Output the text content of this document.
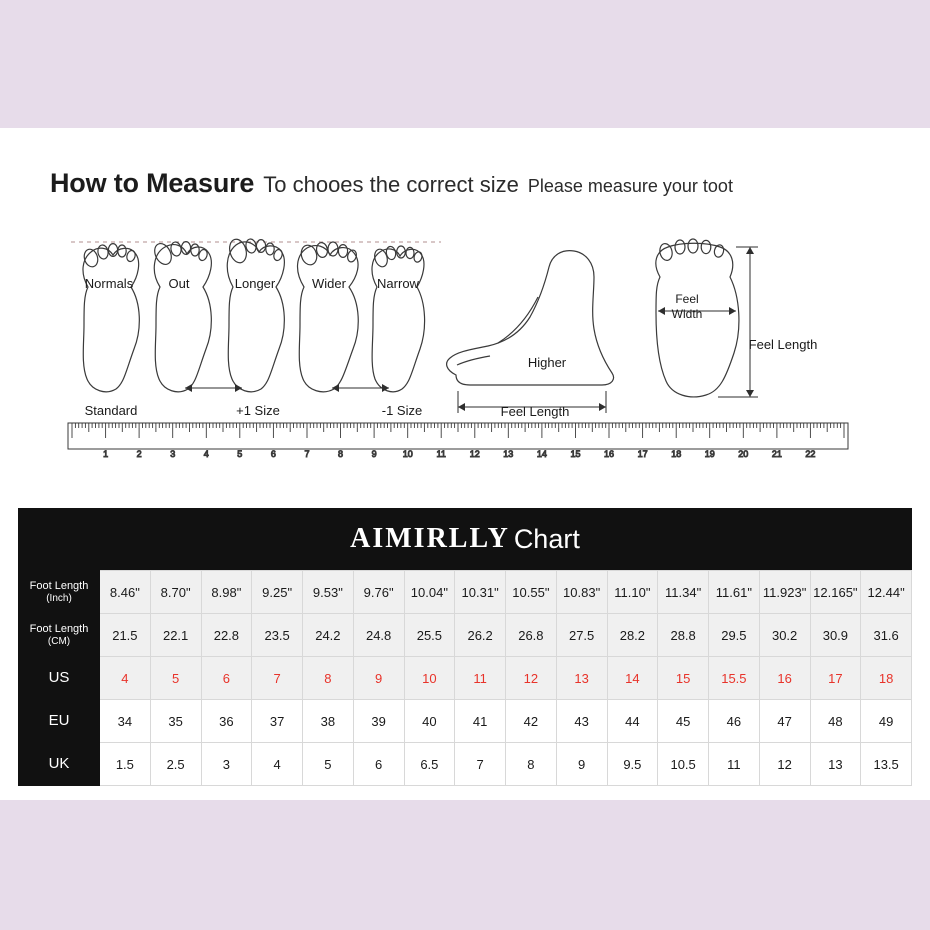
How to Measure To chooes the correct size Please measure your toot
1	2	3	4	5	6	7	8	9	10	11	12	13	14	15	16	17	18	19	20	21	22
Normals	Out	Longer	Wider Narrow
Standard	+1 Size	-1 Size
Higher
Feel Length
Feel
Width
Feel Length
AIMIRLLY Chart
Foot Length
(Inch)	8.46"	8.70"	8.98"	9.25"	9.53"	9.76"	10.04"	10.31"	10.55"	10.83"	11.10"	11.34"	11.61"	11.923"	12.165"	12.44"
Foot Length
(CM)	21.5	22.1	22.8	23.5	24.2	24.8	25.5	26.2	26.8	27.5	28.2	28.8	29.5	30.2	30.9	31.6
US	4	5	6	7	8	9	10	11	12	13	14	15	15.5	16	17	18
EU	34	35	36	37	38	39	40	41	42	43	44	45	46	47	48	49
UK	1.5	2.5	3	4	5	6	6.5	7	8	9	9.5	10.5	11	12	13	13.5
